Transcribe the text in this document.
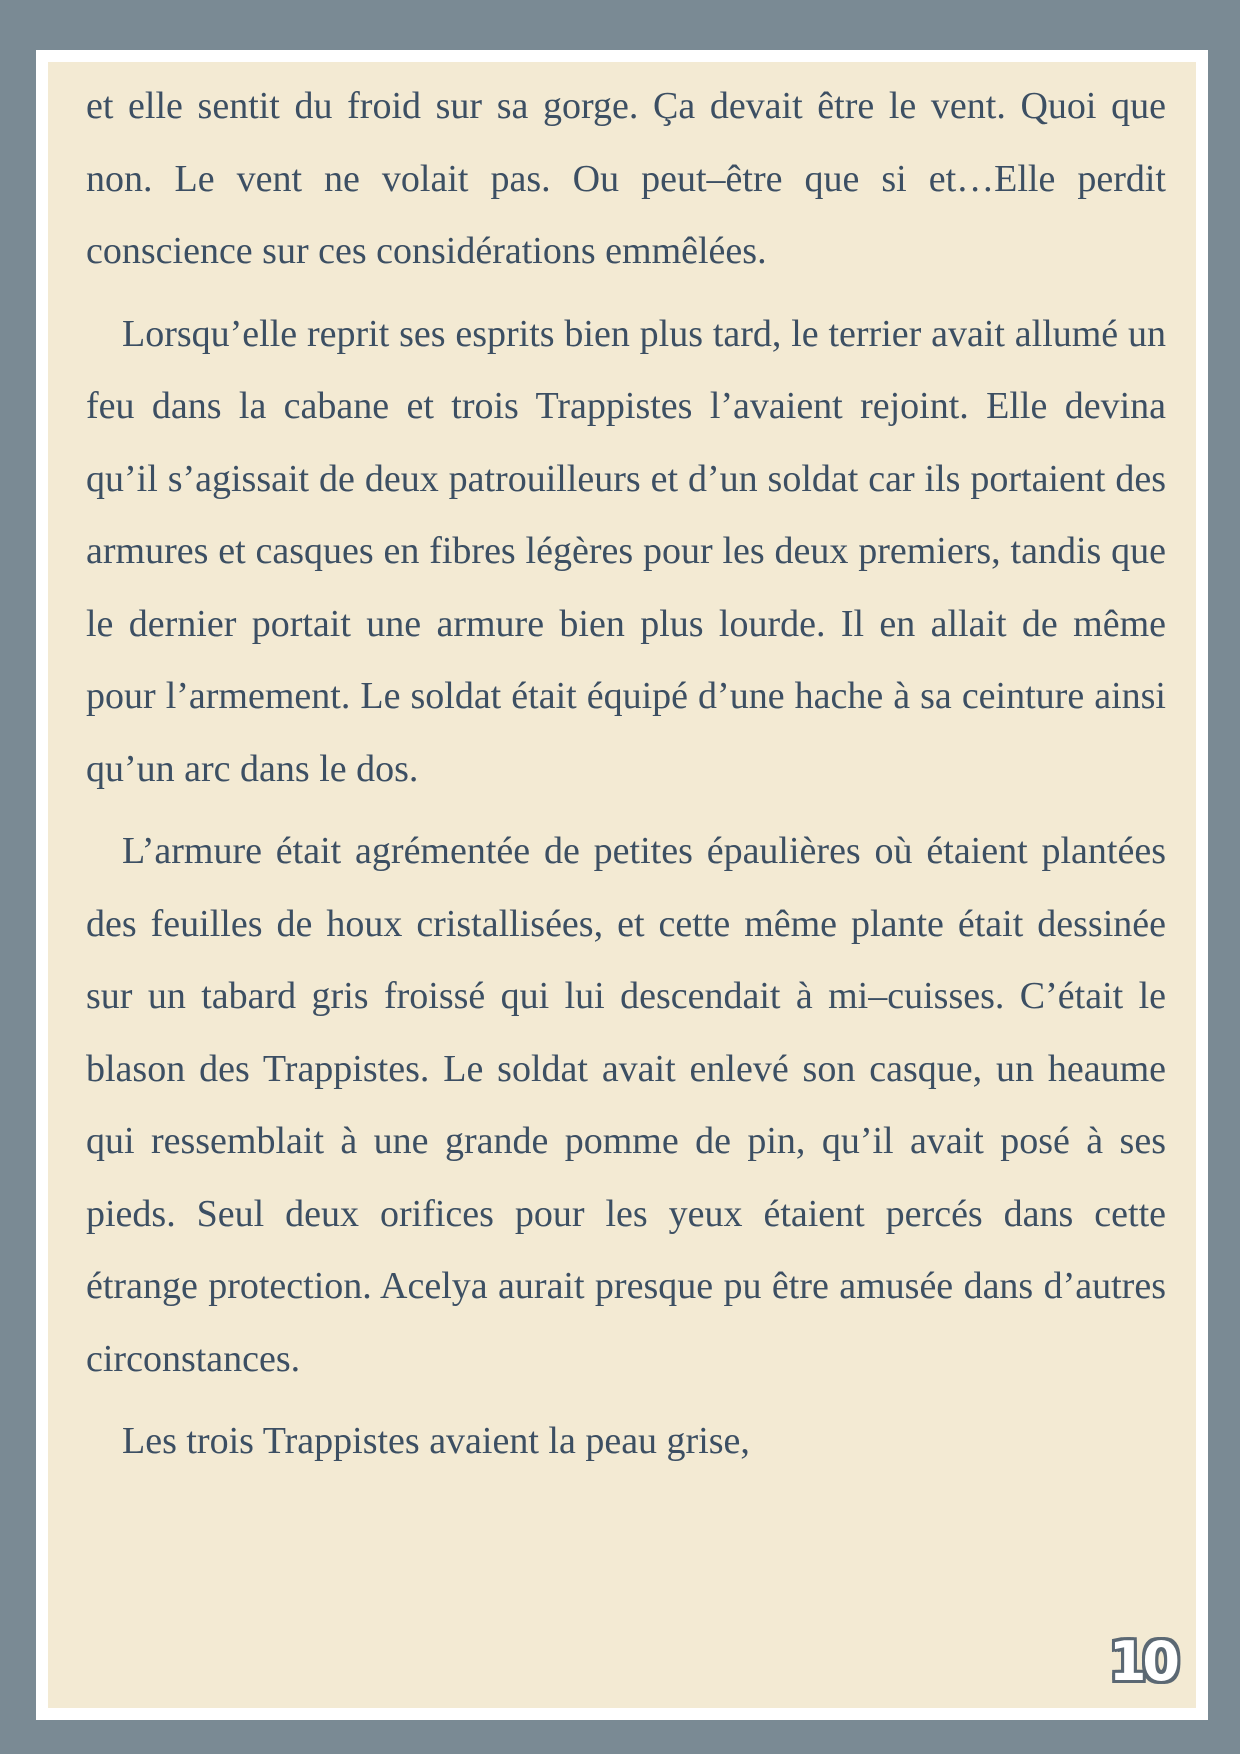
et elle sentit du froid sur sa gorge. Ça devait être le vent. Quoi que non. Le vent ne volait pas. Ou peut–être que si et…Elle perdit conscience sur ces considérations emmêlées.

Lorsqu’elle reprit ses esprits bien plus tard, le terrier avait allumé un feu dans la cabane et trois Trappistes l’avaient rejoint. Elle devina qu’il s’agissait de deux patrouilleurs et d’un soldat car ils portaient des armures et casques en fibres légères pour les deux premiers, tandis que le dernier portait une armure bien plus lourde. Il en allait de même pour l’armement. Le soldat était équipé d’une hache à sa ceinture ainsi qu’un arc dans le dos.

L’armure était agrémentée de petites épaulières où étaient plantées des feuilles de houx cristallisées, et cette même plante était dessinée sur un tabard gris froissé qui lui descendait à mi–cuisses. C’était le blason des Trappistes. Le soldat avait enlevé son casque, un heaume qui ressemblait à une grande pomme de pin, qu’il avait posé à ses pieds. Seul deux orifices pour les yeux étaient percés dans cette étrange protection. Acelya aurait presque pu être amusée dans d’autres circonstances.

Les trois Trappistes avaient la peau grise,

10
